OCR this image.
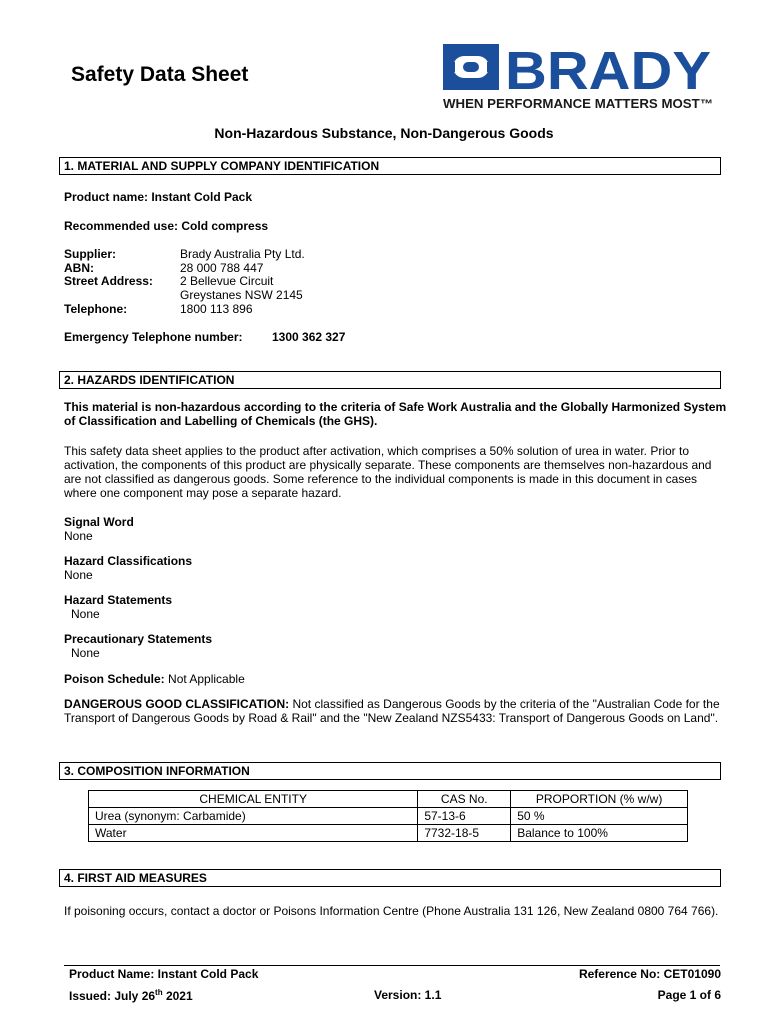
Safety Data Sheet	BRADY
WHEN PERFORMANCE MATTERS MOST™
Non-Hazardous Substance, Non-Dangerous Goods
1. MATERIAL AND SUPPLY COMPANY IDENTIFICATION
Product name: Instant Cold Pack
Recommended use: Cold compress
Supplier:	Brady Australia Pty Ltd.
ABN:	28 000 788 447
Street Address: 2 Bellevue Circuit
Greystanes NSW 2145
Telephone:	1800 113 896
Emergency Telephone number: 1300 362 327
2. HAZARDS IDENTIFICATION
This material is non-hazardous according to the criteria of Safe Work Australia and the Globally Harmonized System of Classification and Labelling of Chemicals (the GHS).
This safety data sheet applies to the product after activation, which comprises a 50% solution of urea in water. Prior to activation, the components of this product are physically separate. These components are themselves non-hazardous and are not classified as dangerous goods. Some reference to the individual components is made in this document in cases where one component may pose a separate hazard.
Signal Word
None
Hazard Classifications
None
Hazard Statements
None
Precautionary Statements
None
Poison Schedule: Not Applicable
DANGEROUS GOOD CLASSIFICATION: Not classified as Dangerous Goods by the criteria of the "Australian Code for the Transport of Dangerous Goods by Road & Rail" and the "New Zealand NZS5433: Transport of Dangerous Goods on Land".
3. COMPOSITION INFORMATION
CHEMICAL ENTITY	CAS No.	PROPORTION (% w/w)
Urea (synonym: Carbamide)	57-13-6	50 %
Water	7732-18-5	Balance to 100%
4. FIRST AID MEASURES
If poisoning occurs, contact a doctor or Poisons Information Centre (Phone Australia 131 126, New Zealand 0800 764 766).
Product Name: Instant Cold Pack	Reference No: CET01090
Issued: July 26th 2021	Version: 1.1	Page 1 of 6
